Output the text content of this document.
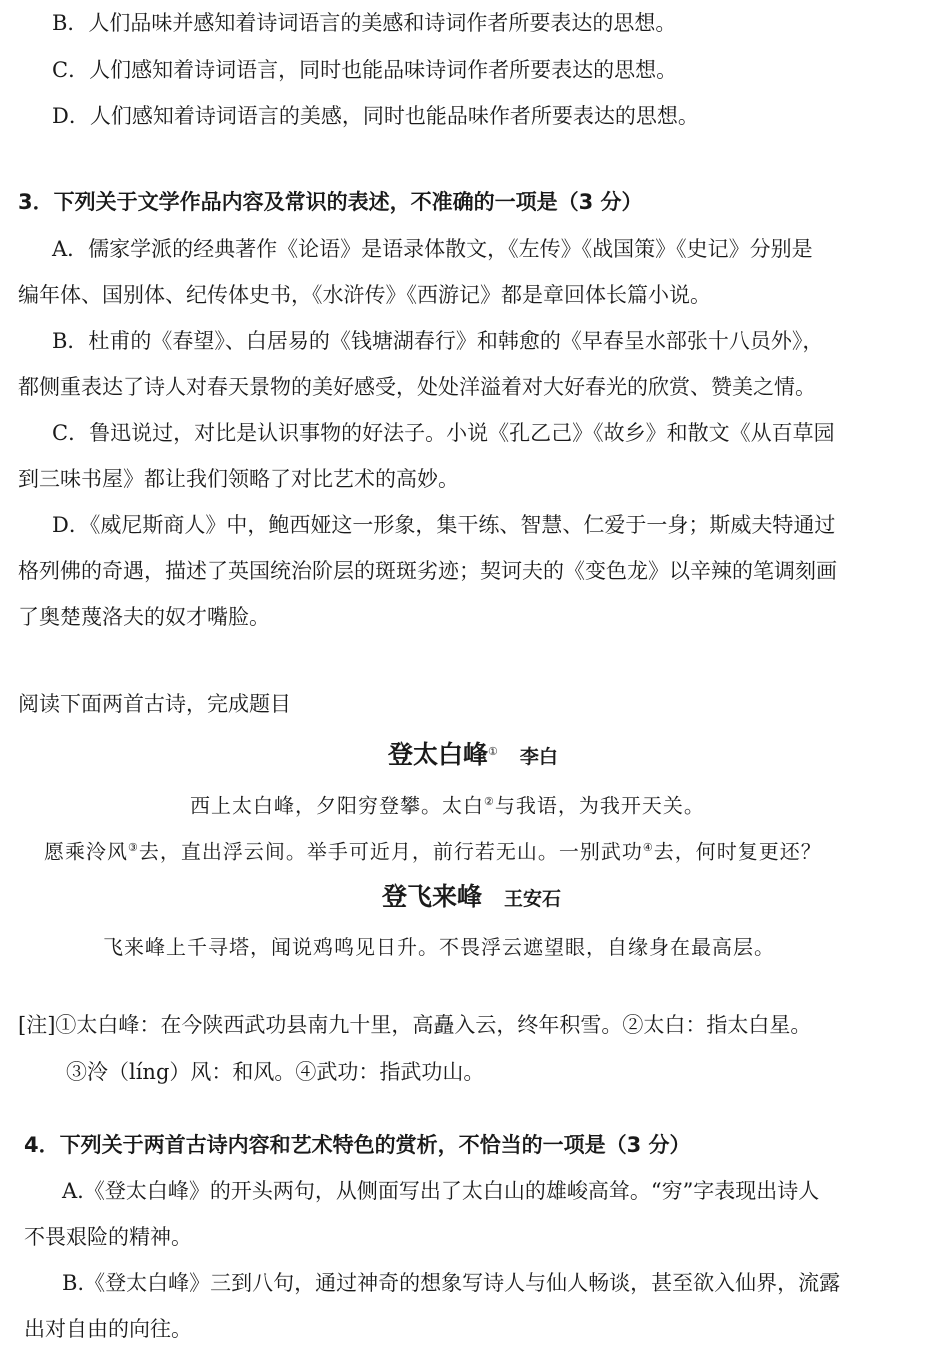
B．人们品味并感知着诗词语言的美感和诗词作者所要表达的思想。
C．人们感知着诗词语言，同时也能品味诗词作者所要表达的思想。
D．人们感知着诗词语言的美感，同时也能品味作者所要表达的思想。
3．下列关于文学作品内容及常识的表述，不准确的一项是（3 分）
A．儒家学派的经典著作《论语》是语录体散文，《左传》《战国策》《史记》分别是
编年体、国别体、纪传体史书，《水浒传》《西游记》都是章回体长篇小说。
B．杜甫的《春望》、白居易的《钱塘湖春行》和韩愈的《早春呈水部张十八员外》，
都侧重表达了诗人对春天景物的美好感受，处处洋溢着对大好春光的欣赏、赞美之情。
C．鲁迅说过，对比是认识事物的好法子。小说《孔乙己》《故乡》和散文《从百草园
到三味书屋》都让我们领略了对比艺术的高妙。
D．《威尼斯商人》中，鲍西娅这一形象，集干练、智慧、仁爱于一身；斯威夫特通过
格列佛的奇遇，描述了英国统治阶层的斑斑劣迹；契诃夫的《变色龙》以辛辣的笔调刻画
了奥楚蔑洛夫的奴才嘴脸。
阅读下面两首古诗，完成题目
登太白峰① 李白
西上太白峰，夕阳穷登攀。太白②与我语，为我开天关。
愿乘泠风③去，直出浮云间。举手可近月，前行若无山。一别武功④去，何时复更还？
登飞来峰 王安石
飞来峰上千寻塔，闻说鸡鸣见日升。不畏浮云遮望眼，自缘身在最高层。
[注]①太白峰：在今陕西武功县南九十里，高矗入云，终年积雪。②太白：指太白星。
③泠（líng）风：和风。④武功：指武功山。
4．下列关于两首古诗内容和艺术特色的赏析，不恰当的一项是（3 分）
A.《登太白峰》的开头两句，从侧面写出了太白山的雄峻高耸。“穷”字表现出诗人
不畏艰险的精神。
B.《登太白峰》三到八句，通过神奇的想象写诗人与仙人畅谈，甚至欲入仙界，流露
出对自由的向往。
